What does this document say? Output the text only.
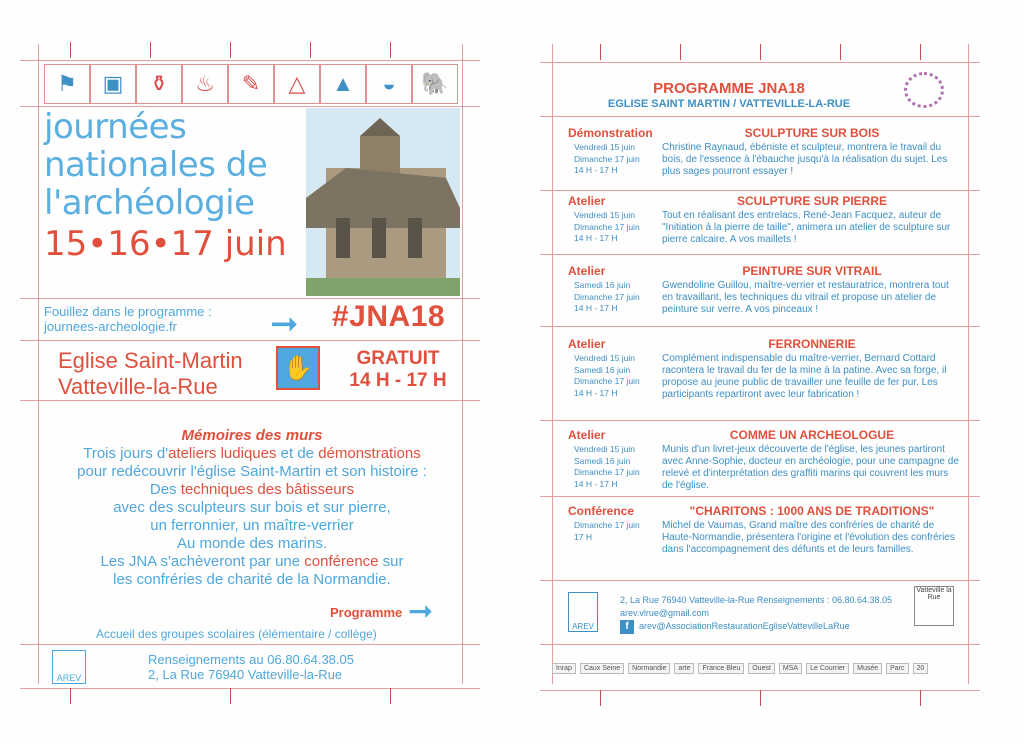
⚑	▣	⚱	♨	✎	△	▲	◒	🐘
journées
nationales de
l'archéologie
15•16•17 juin
Fouillez dans le programme :
journees-archeologie.fr	➞ #JNA18
Eglise Saint-Martin
Vatteville-la-Rue
✋	GRATUIT
14 H - 17 H
Mémoires des murs
Trois jours d'ateliers ludiques et de démonstrations
pour redécouvrir l'église Saint-Martin et son histoire :
Des techniques des bâtisseurs
avec des sculpteurs sur bois et sur pierre,
un ferronnier, un maître-verrier
Au monde des marins.
Les JNA s'achèveront par une conférence sur
les confréries de charité de la Normandie.
Programme ➞
Accueil des groupes scolaires (élémentaire / collège)
AREV
Renseignements au 06.80.64.38.05
2, La Rue 76940 Vatteville-la-Rue
PROGRAMME JNA18
EGLISE SAINT MARTIN / VATTEVILLE-LA-RUE
Démonstration	SCULPTURE SUR BOIS
Vendredi 15 juin
Dimanche 17 juin
14 H - 17 H
Christine Raynaud, ébéniste et sculpteur, montrera le travail du bois, de l'essence à l'ébauche jusqu'à la réalisation du sujet. Les plus sages pourront essayer !
Atelier	SCULPTURE SUR PIERRE
Vendredi 15 juin
Dimanche 17 juin
14 H - 17 H
Tout en réalisant des entrelacs, René-Jean Facquez, auteur de "Initiation à la pierre de taille", animera un atelier de sculpture sur pierre calcaire. A vos maillets !
Atelier	PEINTURE SUR VITRAIL
Samedi 16 juin
Dimanche 17 juin
14 H - 17 H
Gwendoline Guillou, maître-verrier et restauratrice, montrera tout en travaillant, les techniques du vitrail et propose un atelier de peinture sur verre. A vos pinceaux !
Atelier	FERRONNERIE
Vendredi 15 juin
Samedi 16 juin
Dimanche 17 juin
14 H - 17 H
Complément indispensable du maître-verrier, Bernard Cottard racontera le travail du fer de la mine à la patine. Avec sa forge, il propose au jeune public de travailler une feuille de fer pur. Les participants repartiront avec leur fabrication !
Atelier	COMME UN ARCHEOLOGUE
Vendredi 15 juin
Samedi 16 juin
Dimanche 17 juin
14 H - 17 H
Munis d'un livret-jeux découverte de l'église, les jeunes partiront avec Anne-Sophie, docteur en archéologie, pour une campagne de relevé et d'interprétation des graffiti marins qui couvrent les murs de l'église.
Conférence	"CHARITONS : 1000 ANS DE TRADITIONS"
Dimanche 17 juin
17 H
Michel de Vaumas, Grand maître des confréries de charité de Haute-Normandie, présentera l'origine et l'évolution des confréries dans l'accompagnement des défunts et de leurs familles.
AREV
2, La Rue 76940 Vatteville-la-Rue Renseignements : 06.80.64.38.05
arev.vlrue@gmail.com
f arev@AssociationRestaurationEgliseVattevilleLaRue
Vatteville la Rue
Inrap	Caux Seine	Normandie	arte	France Bleu	Ouest	MSA	Le Courrier	Musée	Parc	20
